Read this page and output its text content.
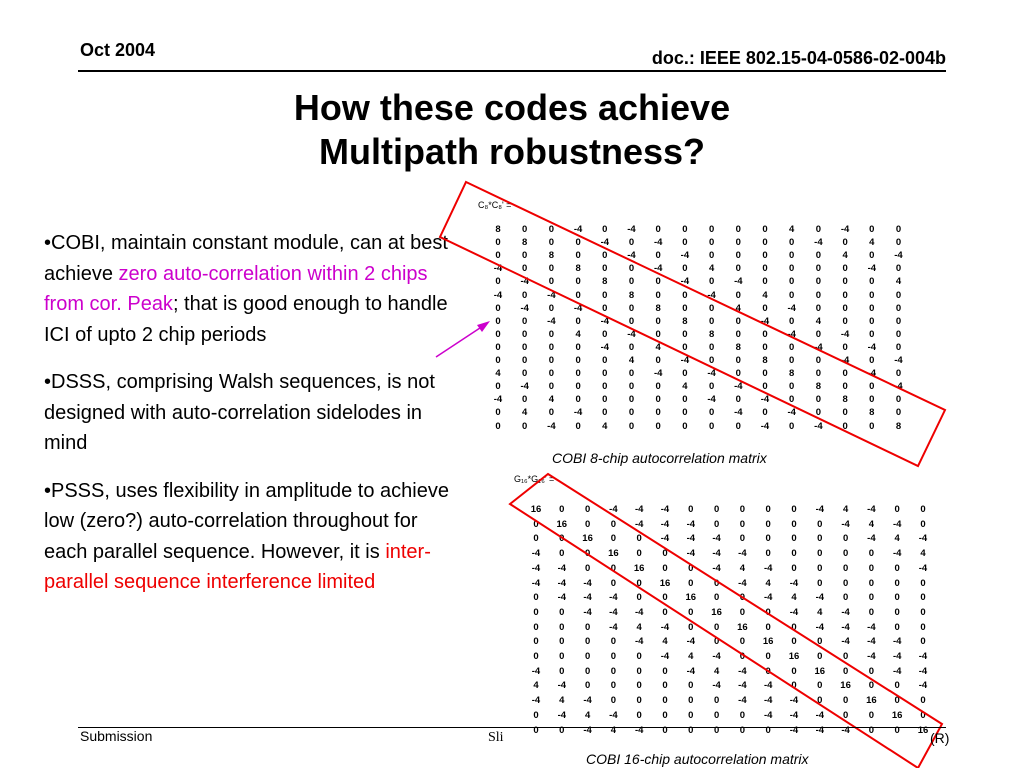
Oct 2004	doc.: IEEE 802.15-04-0586-02-004b
How these codes achieve
Multipath robustness?

•COBI, maintain constant module, can at best achieve zero auto-correlation within 2 chips from cor. Peak; that is good enough to handle ICI of upto 2 chip periods

•DSSS, comprising Walsh sequences, is not designed with auto-correlation sidelodes in mind

•PSSS, uses flexibility in amplitude to achieve low (zero?) auto-correlation throughout for each parallel sequence. However, it is inter-parallel sequence interference limited

C₈*C₈' =
8	0	0	-4	0	-4	0	0	0	0	0	4	0	-4	0	0
0	8	0	0	-4	0	-4	0	0	0	0	0	-4	0	4	0
0	0	8	0	0	-4	0	-4	0	0	0	0	0	4	0	-4
-4	0	0	8	0	0	-4	0	4	0	0	0	0	0	-4	0
0	-4	0	0	8	0	0	-4	0	-4	0	0	0	0	0	4
-4	0	-4	0	0	8	0	0	-4	0	4	0	0	0	0	0
0	-4	0	-4	0	0	8	0	0	4	0	-4	0	0	0	0
0	0	-4	0	-4	0	0	8	0	0	-4	0	4	0	0	0
0	0	0	4	0	-4	0	0	8	0	0	-4	0	-4	0	0
0	0	0	0	-4	0	4	0	0	8	0	0	-4	0	-4	0
0	0	0	0	0	4	0	-4	0	0	8	0	0	-4	0	-4
4	0	0	0	0	0	-4	0	-4	0	0	8	0	0	-4	0
0	-4	0	0	0	0	0	4	0	-4	0	0	8	0	0	-4
-4	0	4	0	0	0	0	0	-4	0	-4	0	0	8	0	0
0	4	0	-4	0	0	0	0	0	-4	0	-4	0	0	8	0
0	0	-4	0	4	0	0	0	0	0	-4	0	-4	0	0	8
COBI 8-chip autocorrelation matrix
G₁₆*G₁₆' =
16	0	0	-4	-4	-4	0	0	0	0	0	-4	4	-4	0	0
0	16	0	0	-4	-4	-4	0	0	0	0	0	-4	4	-4	0
0	0	16	0	0	-4	-4	-4	0	0	0	0	0	-4	4	-4
-4	0	0	16	0	0	-4	-4	-4	0	0	0	0	0	-4	4
-4	-4	0	0	16	0	0	-4	4	-4	0	0	0	0	0	-4
-4	-4	-4	0	0	16	0	0	-4	4	-4	0	0	0	0	0
0	-4	-4	-4	0	0	16	0	0	-4	4	-4	0	0	0	0
0	0	-4	-4	-4	0	0	16	0	0	-4	4	-4	0	0	0
0	0	0	-4	4	-4	0	0	16	0	0	-4	-4	-4	0	0
0	0	0	0	-4	4	-4	0	0	16	0	0	-4	-4	-4	0
0	0	0	0	0	-4	4	-4	0	0	16	0	0	-4	-4	-4
-4	0	0	0	0	0	-4	4	-4	0	0	16	0	0	-4	-4
4	-4	0	0	0	0	0	-4	-4	-4	0	0	16	0	0	-4
-4	4	-4	0	0	0	0	0	-4	-4	-4	0	0	16	0	0
0	-4	4	-4	0	0	0	0	0	-4	-4	-4	0	0	16	0
0	0	-4	4	-4	0	0	0	0	0	-4	-4	-4	0	0	16
COBI 16-chip autocorrelation matrix
Submission	Sli	(R)
